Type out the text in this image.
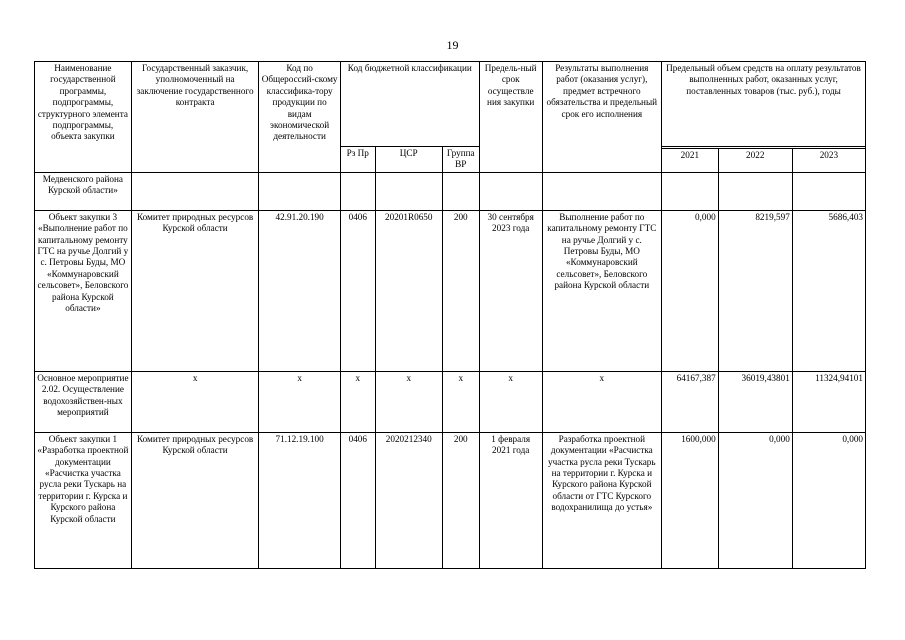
19
Наименование государственной программы, подпрограммы, структурного элемента подпрограммы, объекта закупки	Государственный заказчик, уполномоченный на заключение государственного контракта	Код по Общероссий-скому классифика-тору продукции по видам экономической деятельности	Код бюджетной классификации			Предель-ный срок осуществле ния закупки	Результаты выполнения работ (оказания услуг), предмет встречного обязательства и предельный срок его исполнения	Предельный объем средств на оплату результатов выполненных работ, оказанных услуг, поставленных товаров (тыс. руб.), годы		
			Рз Пр	ЦСР	Группа ВР					
								2021	2022	2023
Медвенского района Курской области»										
Объект закупки 3 «Выполнение работ по капитальному ремонту ГТС на ручье Долгий у с. Петровы Буды, МО «Коммунаровский сельсовет», Беловского района Курской области»	Комитет природных ресурсов Курской области	42.91.20.190	0406	20201R0650	200	30 сентября 2023 года	Выполнение работ по капитальному ремонту ГТС на ручье Долгий у с. Петровы Буды, МО «Коммунаровский сельсовет», Беловского района Курской области	0,000	8219,597	5686,403
Основное мероприятие 2.02. Осуществление водохозяйствен-ных мероприятий	х	х	х	х	х	х	х	64167,387	36019,43801	11324,94101
Объект закупки 1 «Разработка проектной документации «Расчистка участка русла реки Тускарь на территории г. Курска и Курского района Курской области	Комитет природных ресурсов Курской области	71.12.19.100	0406	2020212340	200	1 февраля 2021 года	Разработка проектной документации «Расчистка участка русла реки Тускарь на территории г. Курска и Курского района Курской области от ГТС Курского водохранилища до устья»	1600,000	0,000	0,000
